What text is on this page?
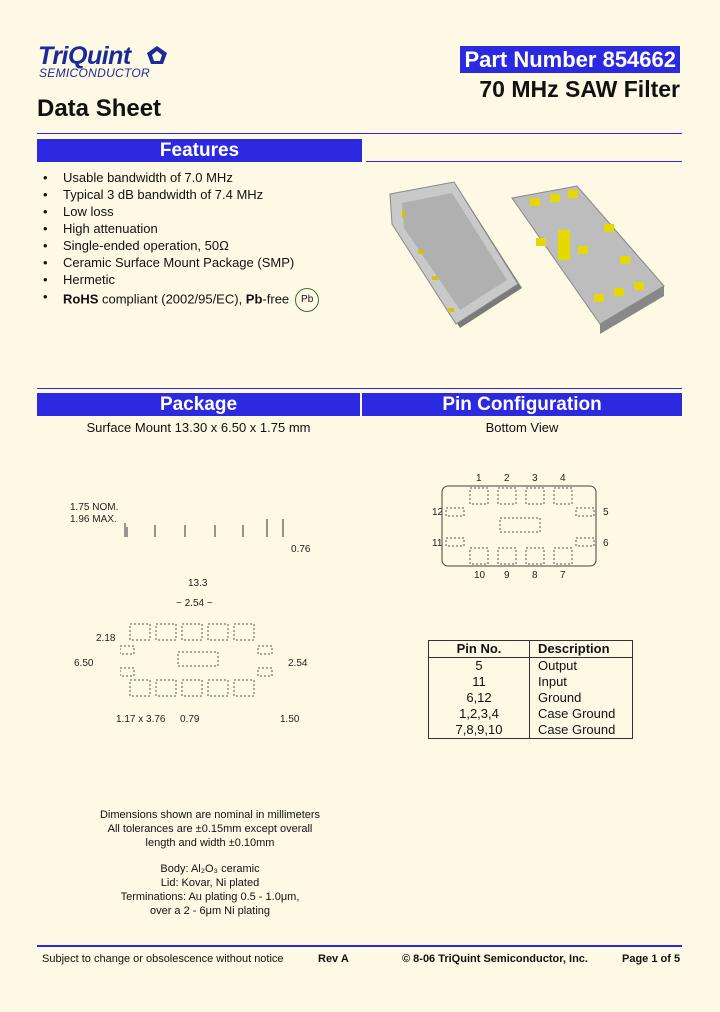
TriQuint
SEMICONDUCTOR
Data Sheet
Part Number 854662
70 MHz SAW Filter
Features
• Usable bandwidth of 7.0 MHz
• Typical 3 dB bandwidth of 7.4 MHz
• Low loss
• High attenuation
• Single-ended operation, 50Ω
• Ceramic Surface Mount Package (SMP)
• Hermetic
• RoHS compliant (2002/95/EC), Pb-free Pb
Package	Pin Configuration
Surface Mount 13.30 x 6.50 x 1.75 mm	Bottom View
1.75 NOM.
1.96 MAX.
0.76
13.3
~ 2.54 ~
2.18
6.50	2.54
1.17 x 3.76 0.79	1.50
1 2 3 4
12
11
5
6
10 9 8 7
Pin No.	Description
5	Output
11	Input
6,12	Ground
1,2,3,4	Case Ground
7,8,9,10	Case Ground
Dimensions shown are nominal in millimeters
All tolerances are ±0.15mm except overall
length and width ±0.10mm
Body: Al₂O₃ ceramic
Lid: Kovar, Ni plated
Terminations: Au plating 0.5 - 1.0μm,
over a 2 - 6μm Ni plating
Subject to change or obsolescence without notice	Rev A	© 8-06 TriQuint Semiconductor, Inc.	Page 1 of 5
